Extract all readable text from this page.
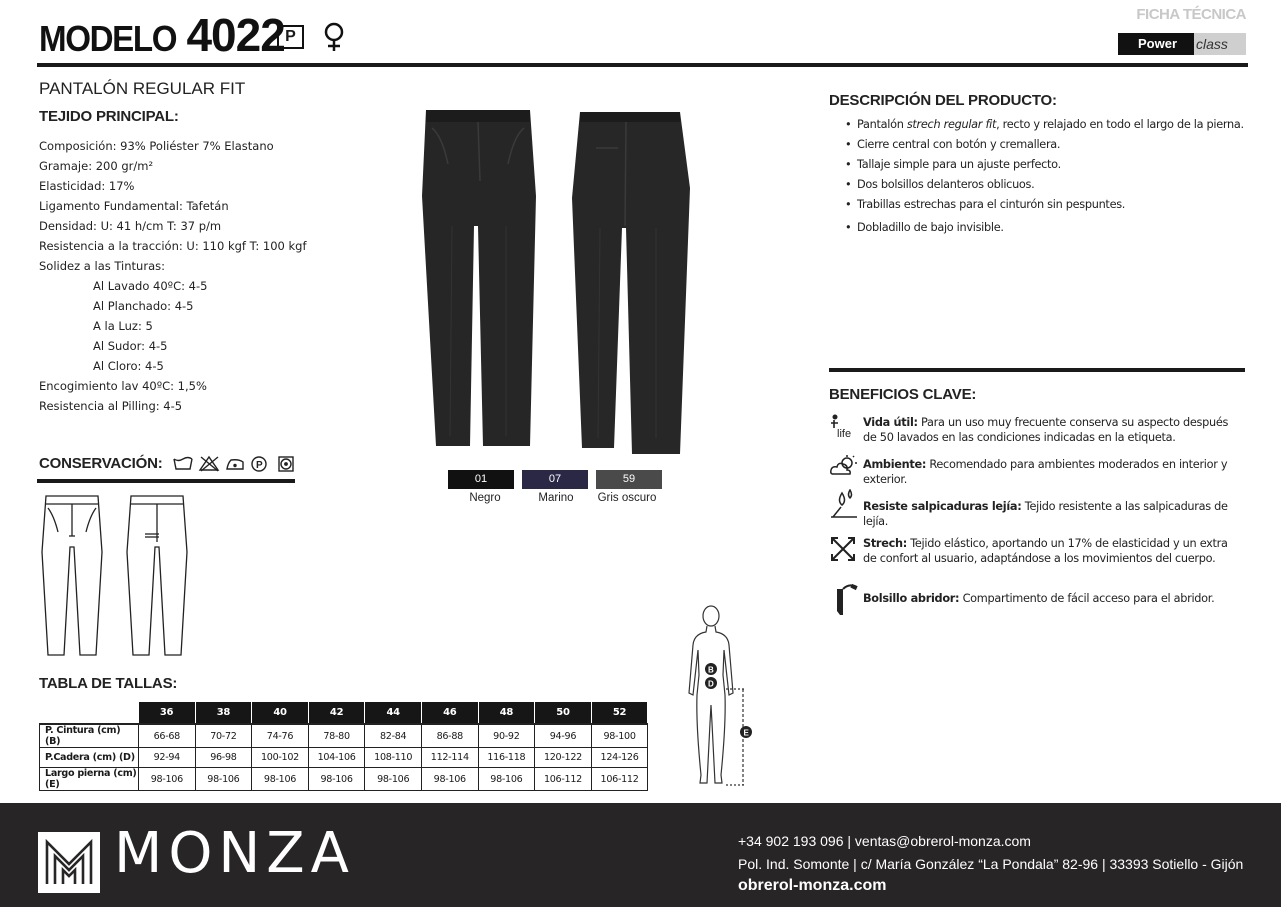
MODELO 4022 P
FICHA TÉCNICA
Power class
PANTALÓN REGULAR FIT
TEJIDO PRINCIPAL:
Composición: 93% Poliéster 7% Elastano
Gramaje: 200 gr/m²
Elasticidad: 17%
Ligamento Fundamental: Tafetán
Densidad: U: 41 h/cm T: 37 p/m
Resistencia a la tracción: U: 110 kgf T: 100 kgf
Solidez a las Tinturas:
Al Lavado 40ºC: 4-5
Al Planchado: 4-5
A la Luz: 5
Al Sudor: 4-5
Al Cloro: 4-5
Encogimiento lav 40ºC: 1,5%
Resistencia al Pilling: 4-5
CONSERVACIÓN:	P
01	07	59
Negro	Marino	Gris oscuro
DESCRIPCIÓN DEL PRODUCTO:
• Pantalón strech regular fit, recto y relajado en todo el largo de la pierna.
• Cierre central con botón y cremallera.
• Tallaje simple para un ajuste perfecto.
• Dos bolsillos delanteros oblicuos.
• Trabillas estrechas para el cinturón sin pespuntes.
• Dobladillo de bajo invisible.
BENEFICIOS CLAVE:
life
Vida útil: Para un uso muy frecuente conserva su aspecto después de 50 lavados en las condiciones indicadas en la etiqueta.
Ambiente: Recomendado para ambientes moderados en interior y exterior.
Resiste salpicaduras lejía: Tejido resistente a las salpicaduras de lejía.
Strech: Tejido elástico, aportando un 17% de elasticidad y un extra de confort al usuario, adaptándose a los movimientos del cuerpo.
Bolsillo abridor: Compartimento de fácil acceso para el abridor.
TABLA DE TALLAS:
	36	38	40	42	44	46	48	50	52
P. Cintura (cm) (B)	66-68	70-72	74-76	78-80	82-84	86-88	90-92	94-96	98-100
P.Cadera (cm) (D)	92-94	96-98	100-102	104-106	108-110	112-114	116-118	120-122	124-126
Largo pierna (cm) (E)	98-106	98-106	98-106	98-106	98-106	98-106	98-106	106-112	106-112
B
D
E
MONZA	+34 902 193 096 | ventas@obrerol-monza.com
Pol. Ind. Somonte | c/ María González “La Pondala” 82-96 | 33393 Sotiello - Gijón
obrerol-monza.com
